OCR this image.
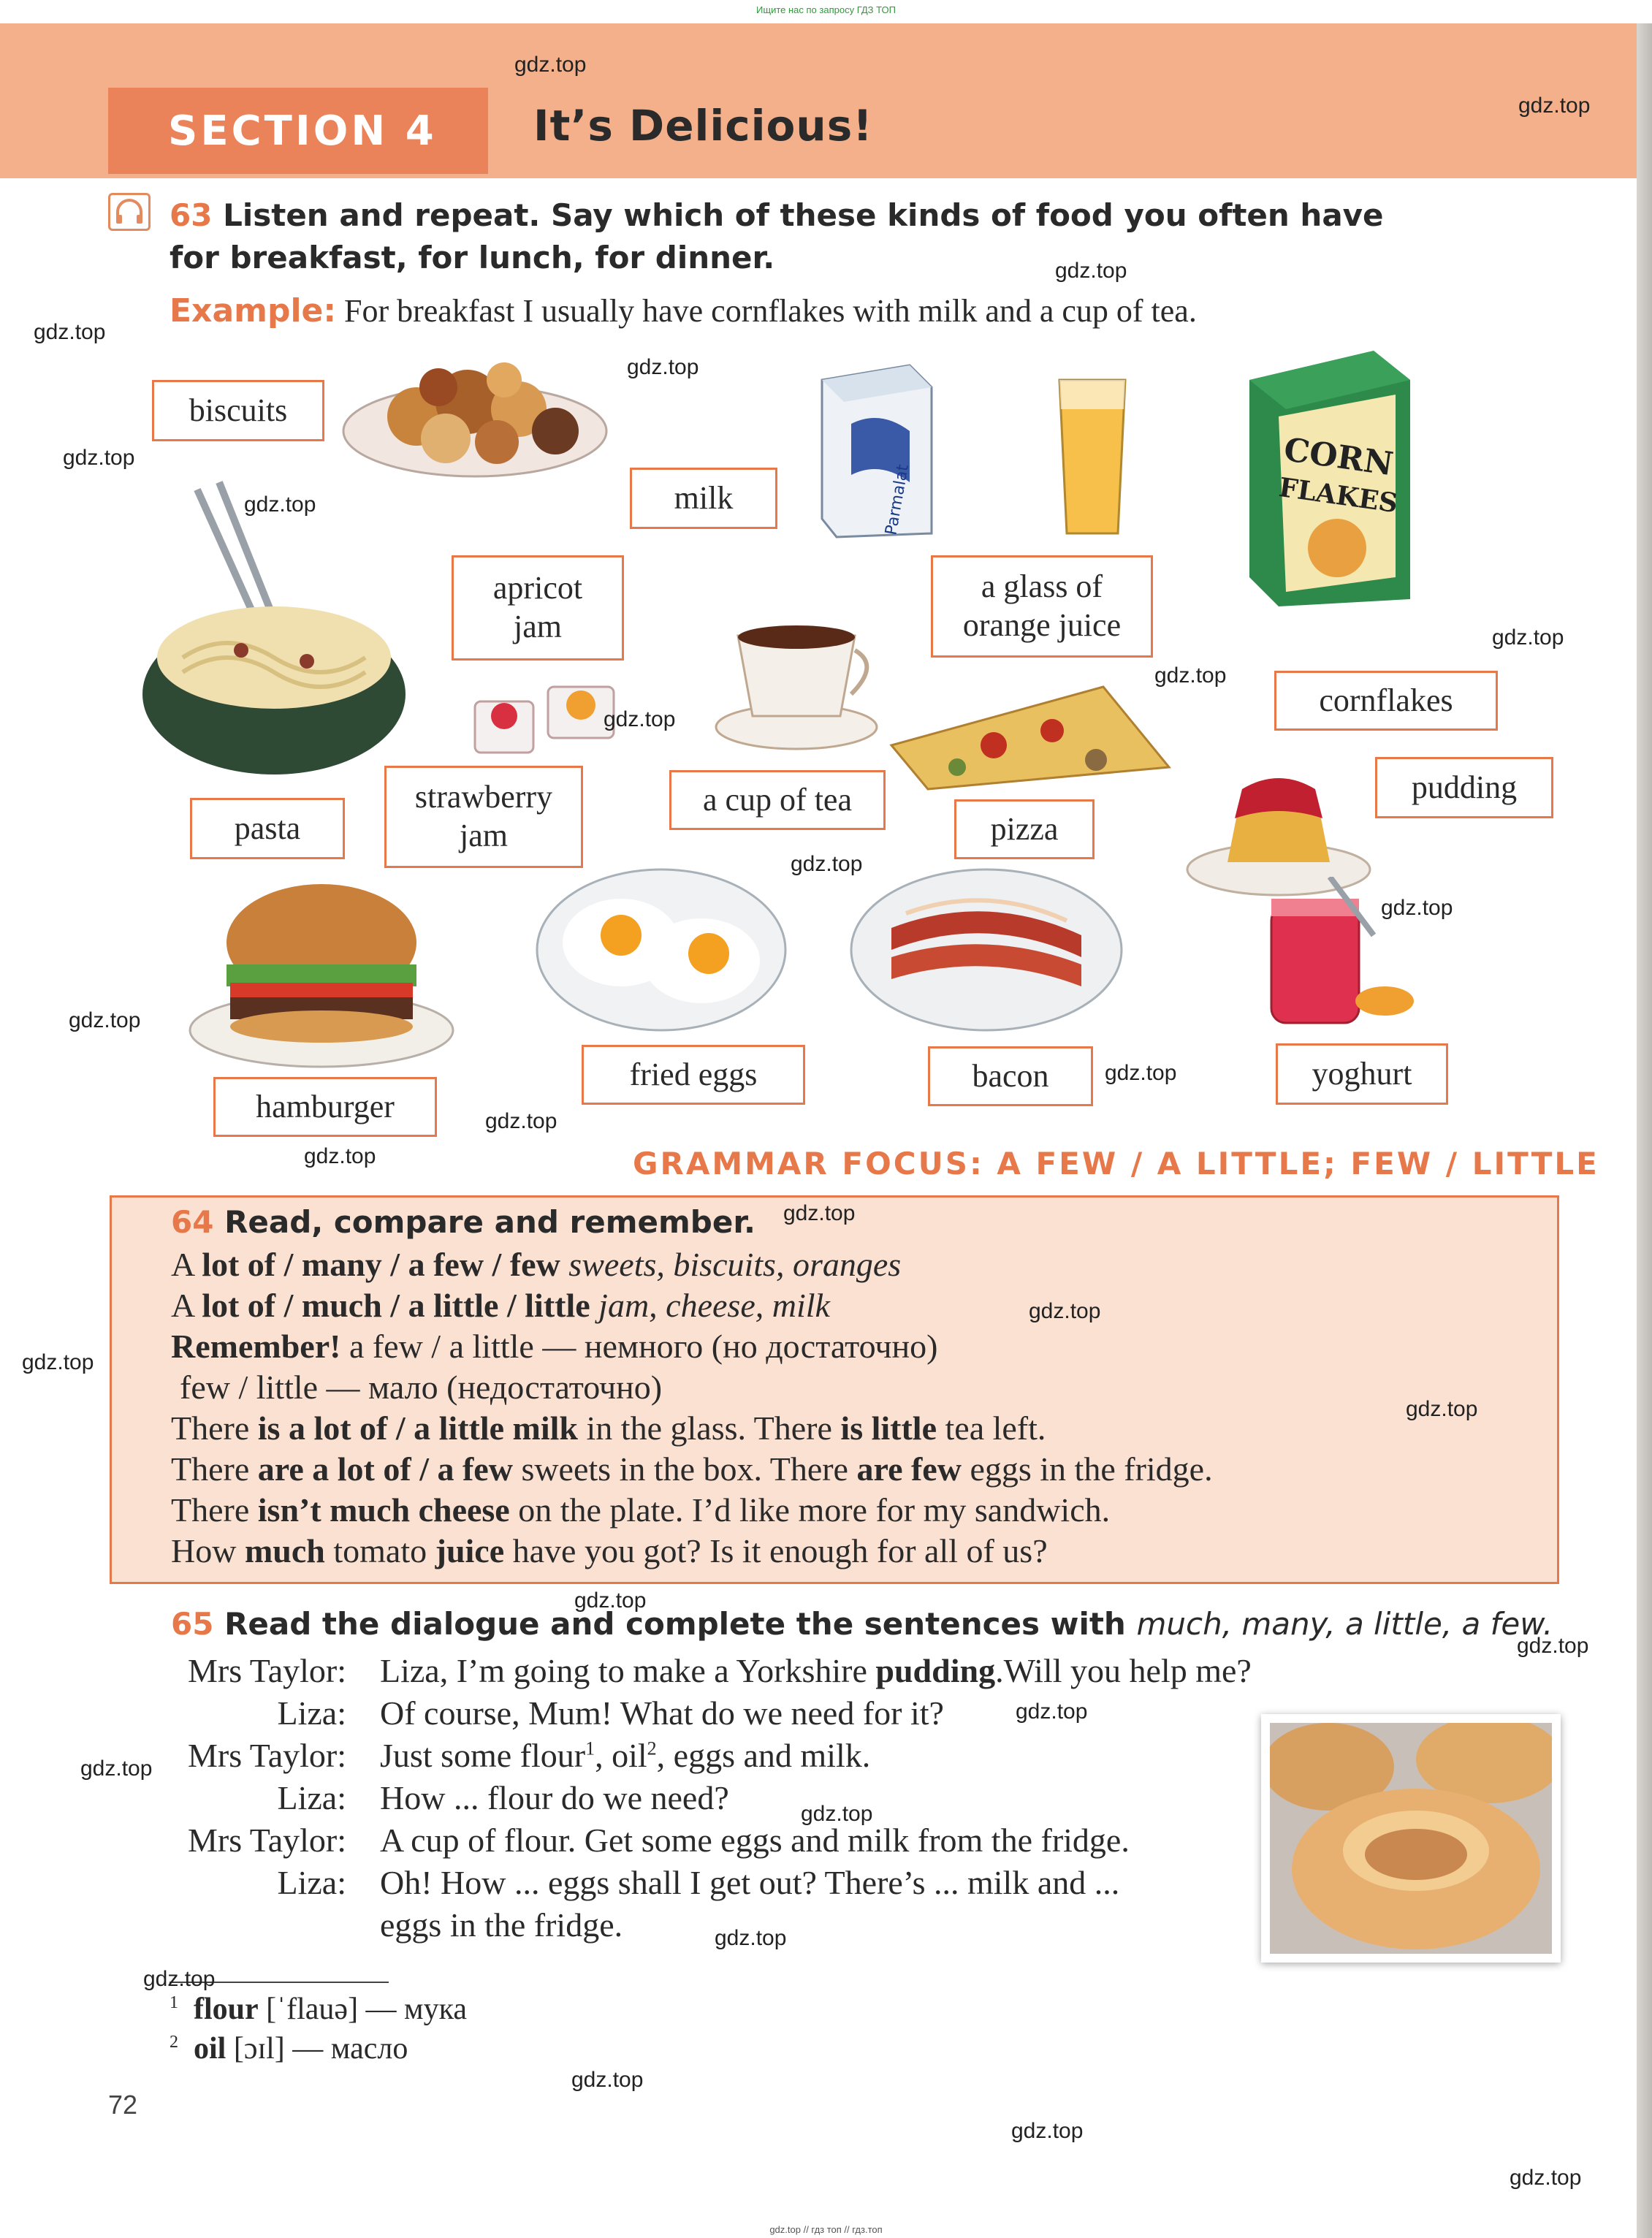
Ищите нас по запросу ГДЗ ТОП
SECTION 4 It’s Delicious!
63 Listen and repeat. Say which of these kinds of food you often have
for breakfast, for lunch, for dinner.
Example: For breakfast I usually have cornflakes with milk and a cup of tea.
Parmalat
CORN
FLAKES
biscuits
milk
apricot
jam
a glass of
orange juice
cornflakes
pudding
pasta
strawberry
jam
a cup of tea
pizza
hamburger
fried eggs	bacon	yoghurt
GRAMMAR FOCUS: A FEW / A LITTLE; FEW / LITTLE
64 Read, compare and remember.
A lot of / many / a few / few sweets, biscuits, oranges
A lot of / much / a little / little jam, cheese, milk
Remember! a few / a little — немного (но достаточно)
few / little — мало (недостаточно)
There is a lot of / a little milk in the glass. There is little tea left.
There are a lot of / a few sweets in the box. There are few eggs in the fridge.
There isn’t much cheese on the plate. I’d like more for my sandwich.
How much tomato juice have you got? Is it enough for all of us?
65 Read the dialogue and complete the sentences with much, many, a little, a few.
Mrs Taylor: Liza, I’m going to make a Yorkshire pudding.Will you help me?
Liza: Of course, Mum! What do we need for it?
Mrs Taylor: Just some flour$^1$, oil$^2$, eggs and milk.
Liza: How ... flour do we need?
Mrs Taylor: A cup of flour. Get some eggs and milk from the fridge.
Liza: Oh! How ... eggs shall I get out? There’s ... milk and ...
eggs in the fridge.
$^1$ flour [ˈflauə] — мука
$^2$ oil [ɔɪl] — масло
72
gdz.top
gdz.top
gdz.top
gdz.top
gdz.top
gdz.top
gdz.top
gdz.top
gdz.top
gdz.top
gdz.top
gdz.top
gdz.top
gdz.top
gdz.top
gdz.top
gdz.top
gdz.top
gdz.top
gdz.top
gdz.top
gdz.top
gdz.top
gdz.top
gdz.top
gdz.top
gdz.top
gdz.top
gdz.top
gdz.top
gdz.top // гдз топ // гдз.топ
